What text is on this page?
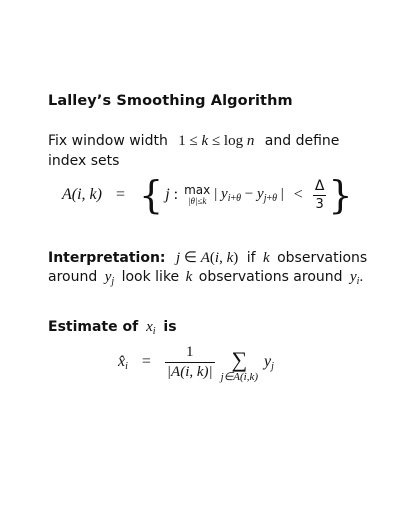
Lalley’s Smoothing Algorithm
Fix window width 1 ≤ k ≤ log n and define
index sets
A(i, k) = { j : max
|θ|≤k | $y_{i+\theta} - y_{j+\theta}$ | < $\frac{\Delta}{3}$ }
Interpretation: j ∈ A(i, k) if k observations
around $y_j$ look like k observations around $y_i$.
Estimate of $x_i$ is
$x̂_i = \frac{1}{|A(i, k)|}$ ∑
j∈A(i,k)
$y_j$
